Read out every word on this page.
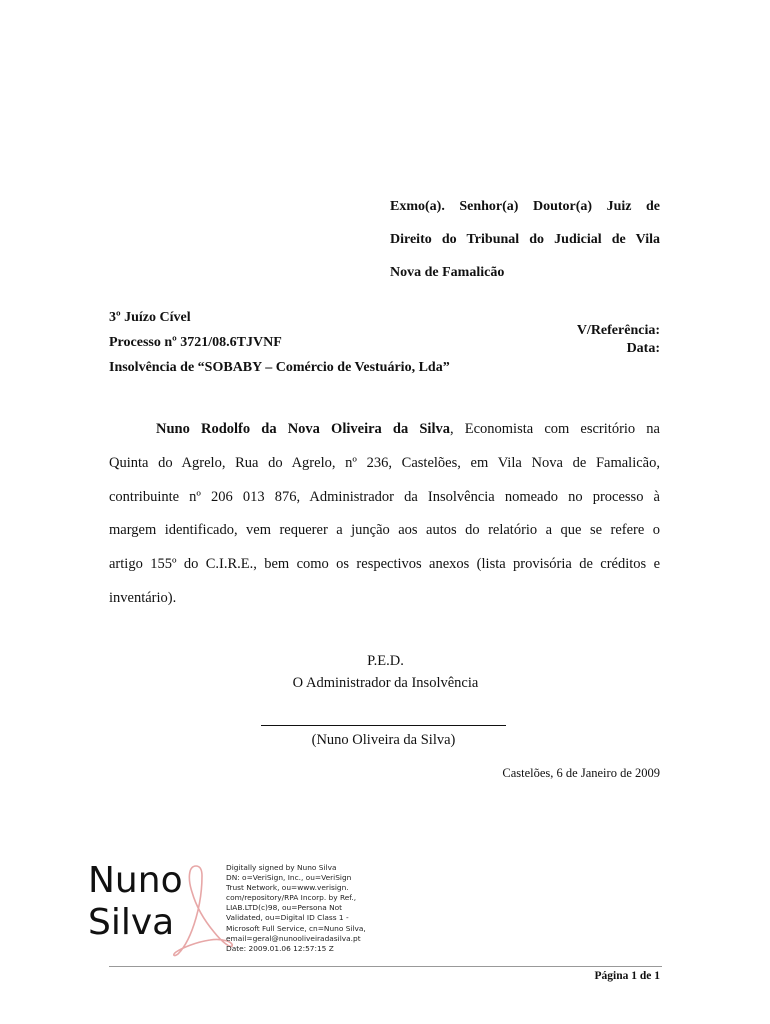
Exmo(a). Senhor(a) Doutor(a) Juiz de
Direito do Tribunal do Judicial de Vila
Nova de Famalicão
3º Juízo Cível
Processo nº 3721/08.6TJVNF
Insolvência de “SOBABY – Comércio de Vestuário, Lda”
V/Referência:
Data:
Nuno Rodolfo da Nova Oliveira da Silva, Economista com escritório na
Quinta do Agrelo, Rua do Agrelo, nº 236, Castelões, em Vila Nova de Famalicão,
contribuinte nº 206 013 876, Administrador da Insolvência nomeado no processo à
margem identificado, vem requerer a junção aos autos do relatório a que se refere o
artigo 155º do C.I.R.E., bem como os respectivos anexos (lista provisória de créditos e
inventário).
P.E.D.
O Administrador da Insolvência
(Nuno Oliveira da Silva)
Castelões, 6 de Janeiro de 2009
Nuno
Silva
Digitally signed by Nuno Silva
DN: o=VeriSign, Inc., ou=VeriSign
Trust Network, ou=www.verisign.
com/repository/RPA Incorp. by Ref.,
LIAB.LTD(c)98, ou=Persona Not
Validated, ou=Digital ID Class 1 -
Microsoft Full Service, cn=Nuno Silva,
email=geral@nunooliveiradasilva.pt
Date: 2009.01.06 12:57:15 Z
Página 1 de 1
